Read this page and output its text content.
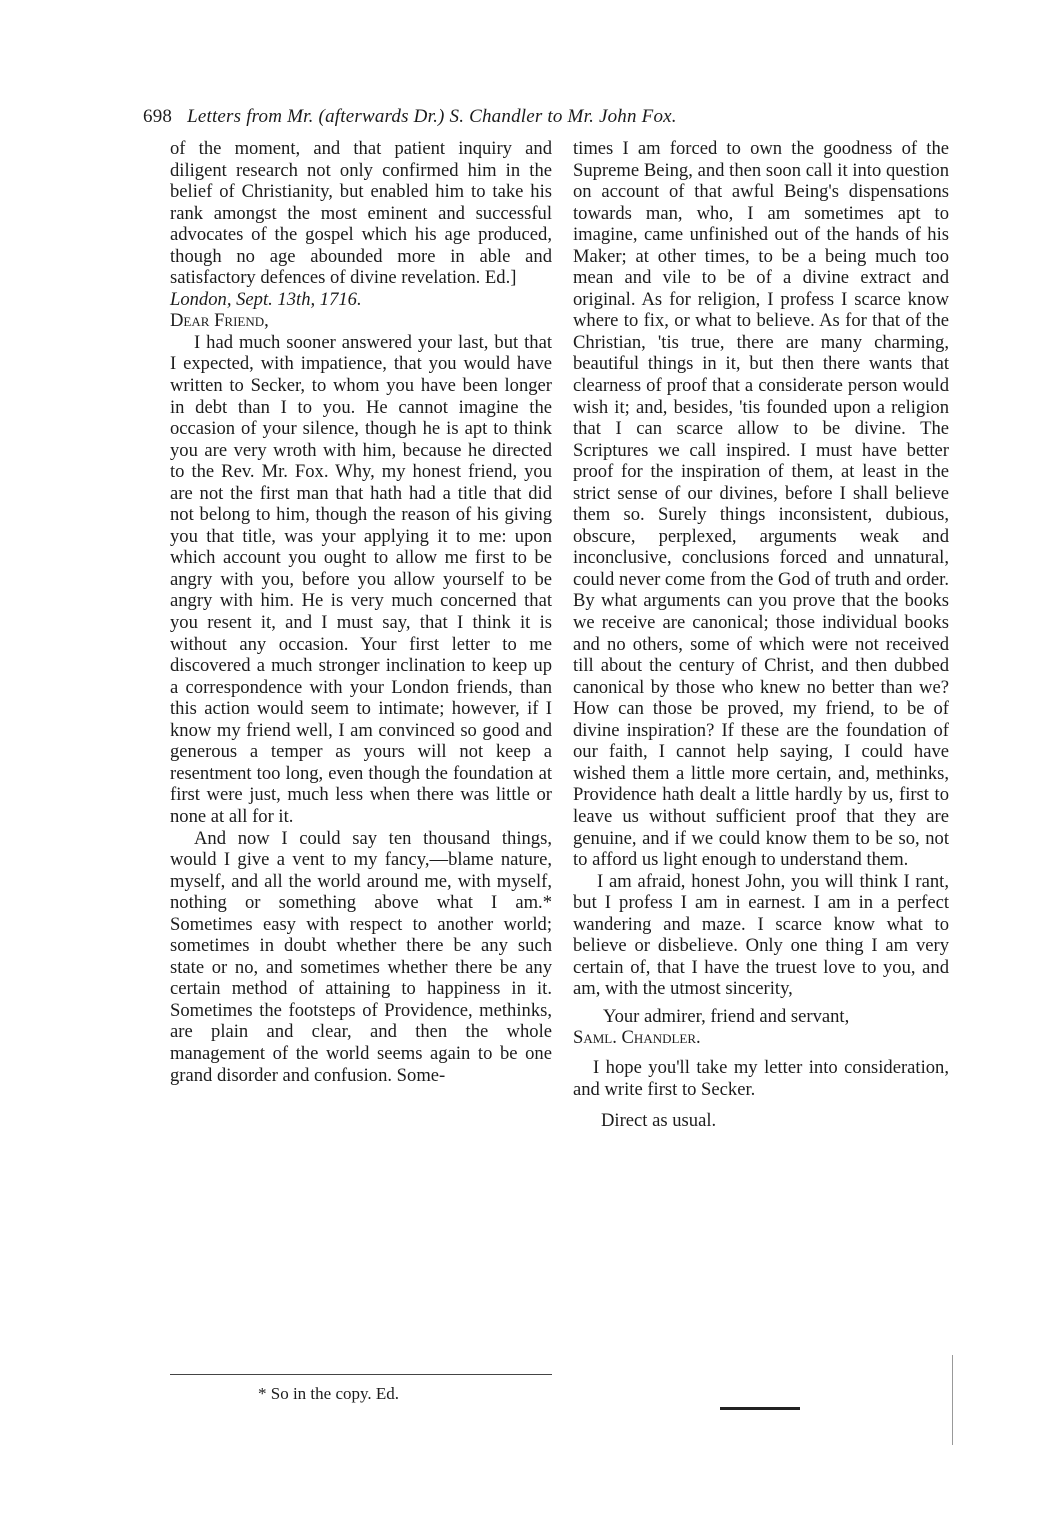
698 Letters from Mr. (afterwards Dr.) S. Chandler to Mr. John Fox.

of the moment, and that patient inquiry and diligent research not only confirmed him in the belief of Christianity, but enabled him to take his rank amongst the most eminent and successful advocates of the gospel which his age produced, though no age abounded more in able and satisfactory defences of divine revelation. Ed.]

London, Sept. 13th, 1716.

Dear Friend,

I had much sooner answered your last, but that I expected, with impatience, that you would have written to Secker, to whom you have been longer in debt than I to you. He cannot imagine the occasion of your silence, though he is apt to think you are very wroth with him, because he directed to the Rev. Mr. Fox. Why, my honest friend, you are not the first man that hath had a title that did not belong to him, though the reason of his giving you that title, was your applying it to me: upon which account you ought to allow me first to be angry with you, before you allow yourself to be angry with him. He is very much concerned that you resent it, and I must say, that I think it is without any occasion. Your first letter to me discovered a much stronger inclination to keep up a correspondence with your London friends, than this action would seem to intimate; however, if I know my friend well, I am convinced so good and generous a temper as yours will not keep a resentment too long, even though the foundation at first were just, much less when there was little or none at all for it.

And now I could say ten thousand things, would I give a vent to my fancy,—blame nature, myself, and all the world around me, with myself, nothing or something above what I am.* Sometimes easy with respect to another world; sometimes in doubt whether there be any such state or no, and sometimes whether there be any certain method of attaining to happiness in it. Sometimes the footsteps of Providence, methinks, are plain and clear, and then the whole management of the world seems again to be one grand disorder and confusion. Some-

* So in the copy. Ed.

times I am forced to own the goodness of the Supreme Being, and then soon call it into question on account of that awful Being's dispensations towards man, who, I am sometimes apt to imagine, came unfinished out of the hands of his Maker; at other times, to be a being much too mean and vile to be of a divine extract and original. As for religion, I profess I scarce know where to fix, or what to believe. As for that of the Christian, 'tis true, there are many charming, beautiful things in it, but then there wants that clearness of proof that a considerate person would wish it; and, besides, 'tis founded upon a religion that I can scarce allow to be divine. The Scriptures we call inspired. I must have better proof for the inspiration of them, at least in the strict sense of our divines, before I shall believe them so. Surely things inconsistent, dubious, obscure, perplexed, arguments weak and inconclusive, conclusions forced and unnatural, could never come from the God of truth and order. By what arguments can you prove that the books we receive are canonical; those individual books and no others, some of which were not received till about the century of Christ, and then dubbed canonical by those who knew no better than we? How can those be proved, my friend, to be of divine inspiration? If these are the foundation of our faith, I cannot help saying, I could have wished them a little more certain, and, methinks, Providence hath dealt a little hardly by us, first to leave us without sufficient proof that they are genuine, and if we could know them to be so, not to afford us light enough to understand them.

I am afraid, honest John, you will think I rant, but I profess I am in earnest. I am in a perfect wandering and maze. I scarce know what to believe or disbelieve. Only one thing I am very certain of, that I have the truest love to you, and am, with the utmost sincerity,

Your admirer, friend and servant,

Saml. Chandler.

I hope you'll take my letter into consideration, and write first to Secker.

Direct as usual.
